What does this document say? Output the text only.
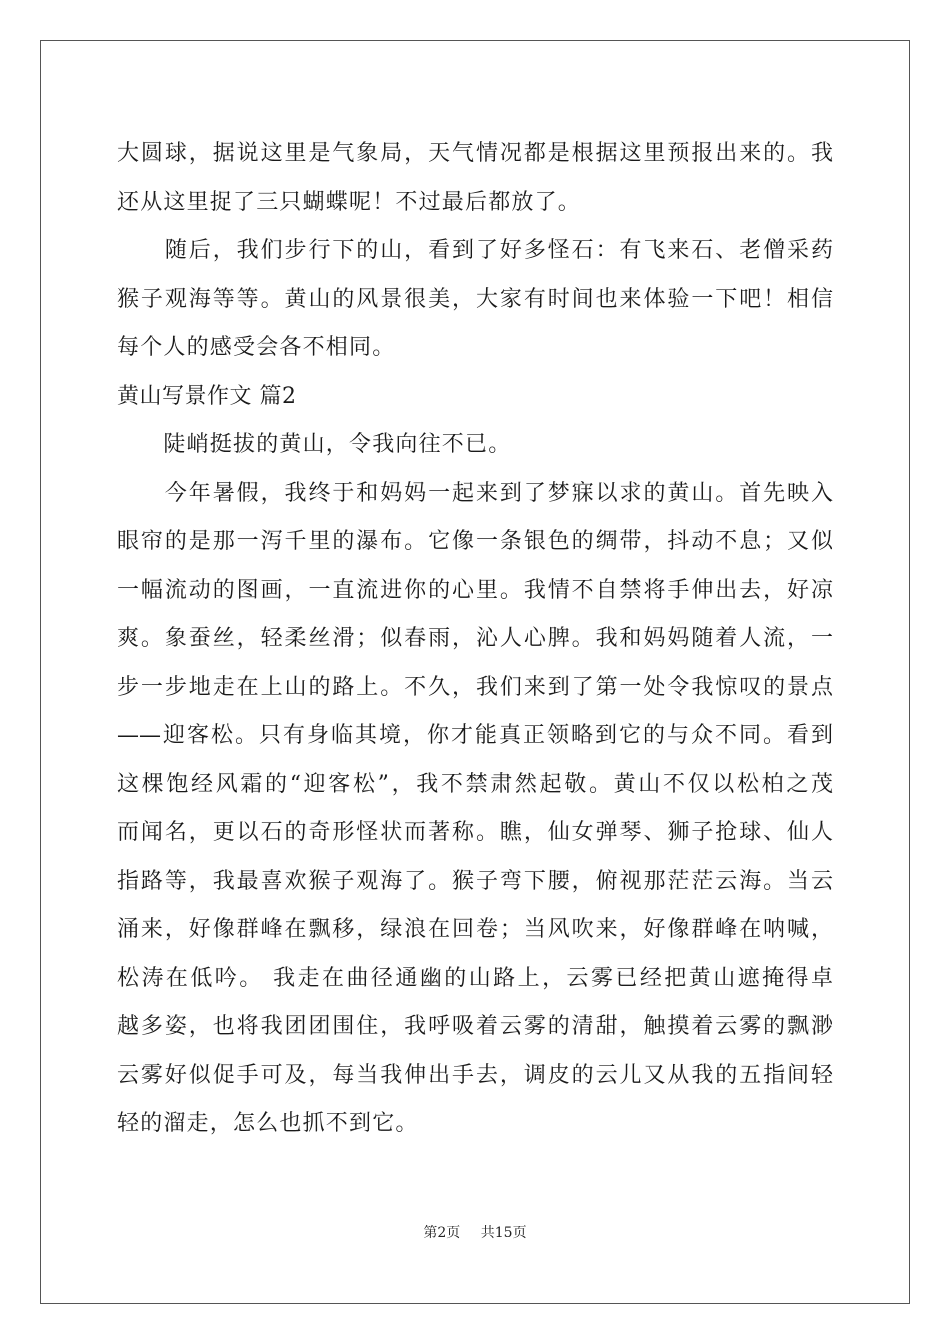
大圆球，据说这里是气象局，天气情况都是根据这里预报出来的。我
还从这里捉了三只蝴蝶呢！不过最后都放了。
　　随后，我们步行下的山，看到了好多怪石：有飞来石、老僧采药
猴子观海等等。黄山的风景很美，大家有时间也来体验一下吧！相信
每个人的感受会各不相同。
黄山写景作文 篇2
　　陡峭挺拔的黄山，令我向往不已。
　　今年暑假，我终于和妈妈一起来到了梦寐以求的黄山。首先映入
眼帘的是那一泻千里的瀑布。它像一条银色的绸带，抖动不息；又似
一幅流动的图画，一直流进你的心里。我情不自禁将手伸出去，好凉
爽。象蚕丝，轻柔丝滑；似春雨，沁人心脾。我和妈妈随着人流，一
步一步地走在上山的路上。不久，我们来到了第一处令我惊叹的景点
——迎客松。只有身临其境，你才能真正领略到它的与众不同。看到
这棵饱经风霜的“迎客松”，我不禁肃然起敬。黄山不仅以松柏之茂
而闻名，更以石的奇形怪状而著称。瞧，仙女弹琴、狮子抢球、仙人
指路等，我最喜欢猴子观海了。猴子弯下腰，俯视那茫茫云海。当云
涌来，好像群峰在飘移，绿浪在回卷；当风吹来，好像群峰在呐喊，
松涛在低吟。 我走在曲径通幽的山路上，云雾已经把黄山遮掩得卓
越多姿，也将我团团围住，我呼吸着云雾的清甜，触摸着云雾的飘渺
云雾好似促手可及，每当我伸出手去，调皮的云儿又从我的五指间轻
轻的溜走，怎么也抓不到它。
第2页 共15页
